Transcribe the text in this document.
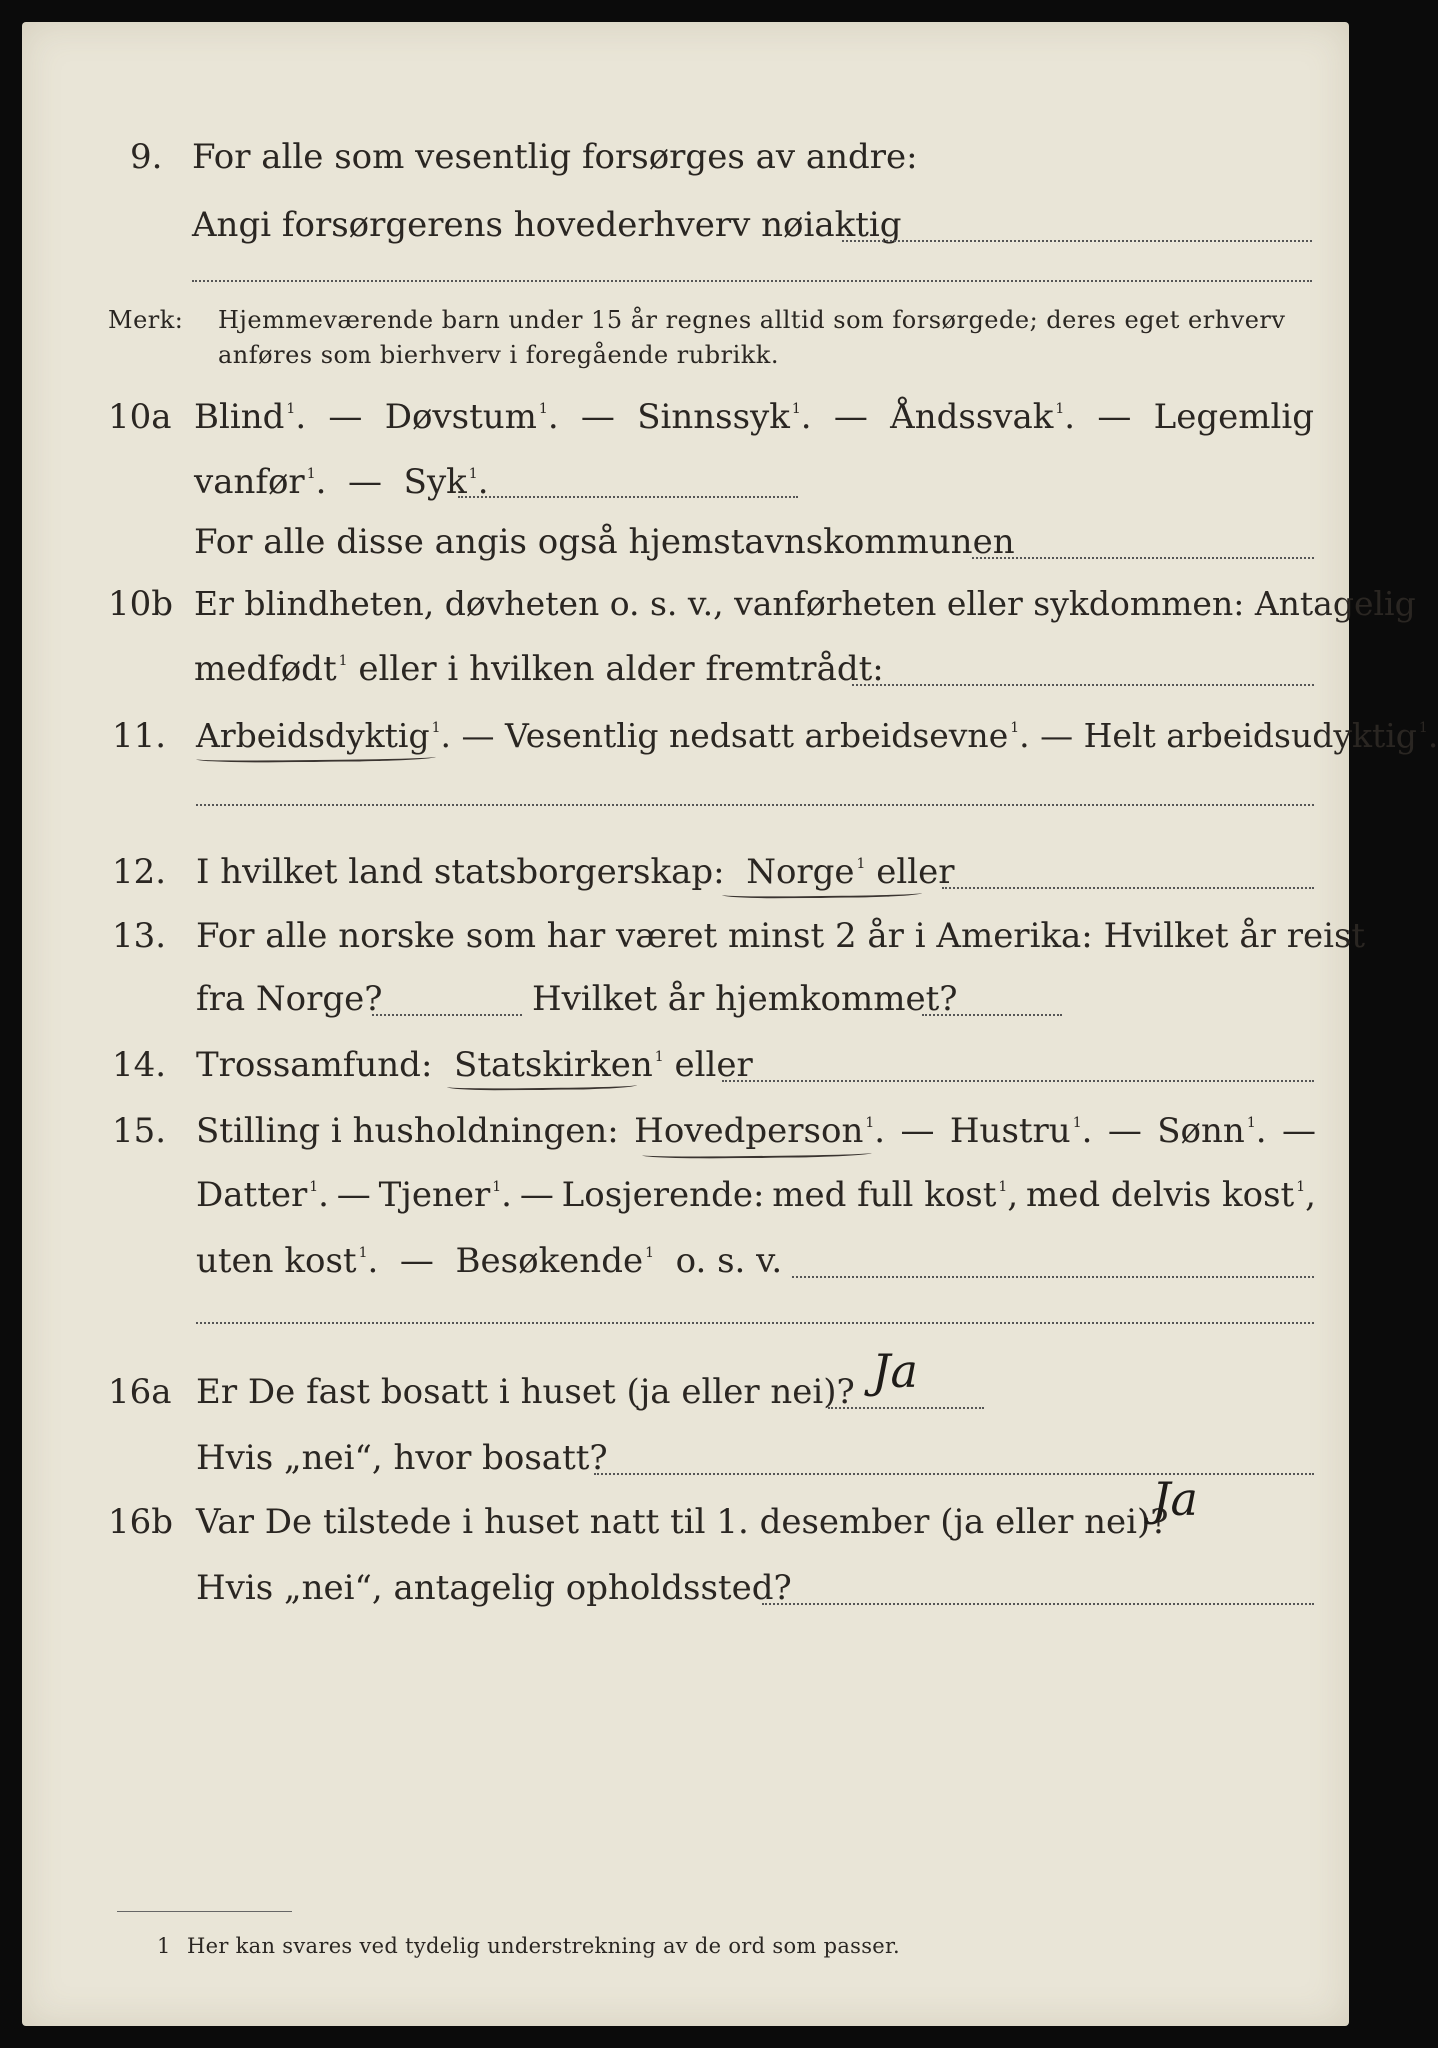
9. For alle som vesentlig forsørges av andre:
Angi forsørgerens hovederhverv nøiaktig
Merk: Hjemmeværende barn under 15 år regnes alltid som forsørgede; deres eget erhverv
anføres som bierhverv i foregående rubrikk.
10a Blind $^1$. — Døvstum $^1$. — Sinnssyk $^1$. — Åndssvak $^1$. — Legemlig
vanfør $^1$.  —  Syk $^1$.
For alle disse angis også hjemstavnskommunen
10b Er blindheten, døvheten o. s. v., vanførheten eller sykdommen: Antagelig
medfødt $^1$ eller i hvilken alder fremtrådt:
11. Arbeidsdyktig $^1$. — Vesentlig nedsatt arbeidsevne $^1$. — Helt arbeidsudyktig $^1$.
12. I hvilket land statsborgerskap: Norge $^1$ eller
13. For alle norske som har været minst 2 år i Amerika: Hvilket år reist
fra Norge?	Hvilket år hjemkommet?
14. Trossamfund: Statskirken $^1$ eller
15. Stilling i husholdningen: Hovedperson $^1$. — Hustru $^1$. — Sønn $^1$. —
Datter $^1$. — Tjener $^1$. — Losjerende: med full kost $^1$, med delvis kost $^1$,
uten kost $^1$.  —  Besøkende $^1$ o. s. v.
16a Er De fast bosatt i huset (ja eller nei)? Ja
Hvis „nei“, hvor bosatt?
16b Var De tilstede i huset natt til 1. desember (ja eller nei)?
Ja
Hvis „nei“, antagelig opholdssted?
1 Her kan svares ved tydelig understrekning av de ord som passer.
